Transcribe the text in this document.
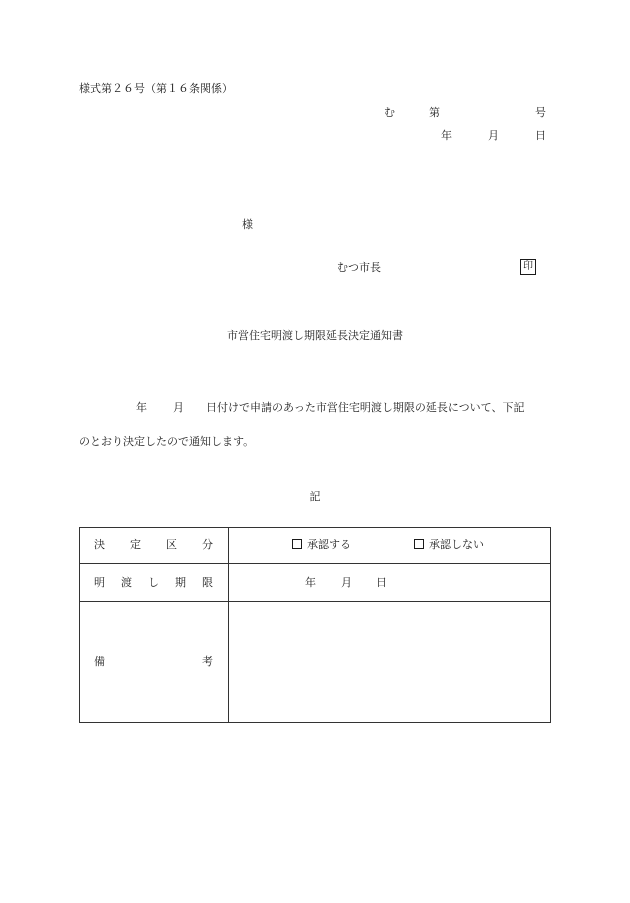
様式第２６号（第１６条関係）
む	第	号
年	月	日
様
むつ市長	印
市営住宅明渡し期限延長決定通知書
年 月 日付けで申請のあった市営住宅明渡し期限の延長について、下記
のとおり決定したので通知します。
記
決 定 区 分	承認する	承認しない
明 渡 し 期 限	年 月 日
備	考
